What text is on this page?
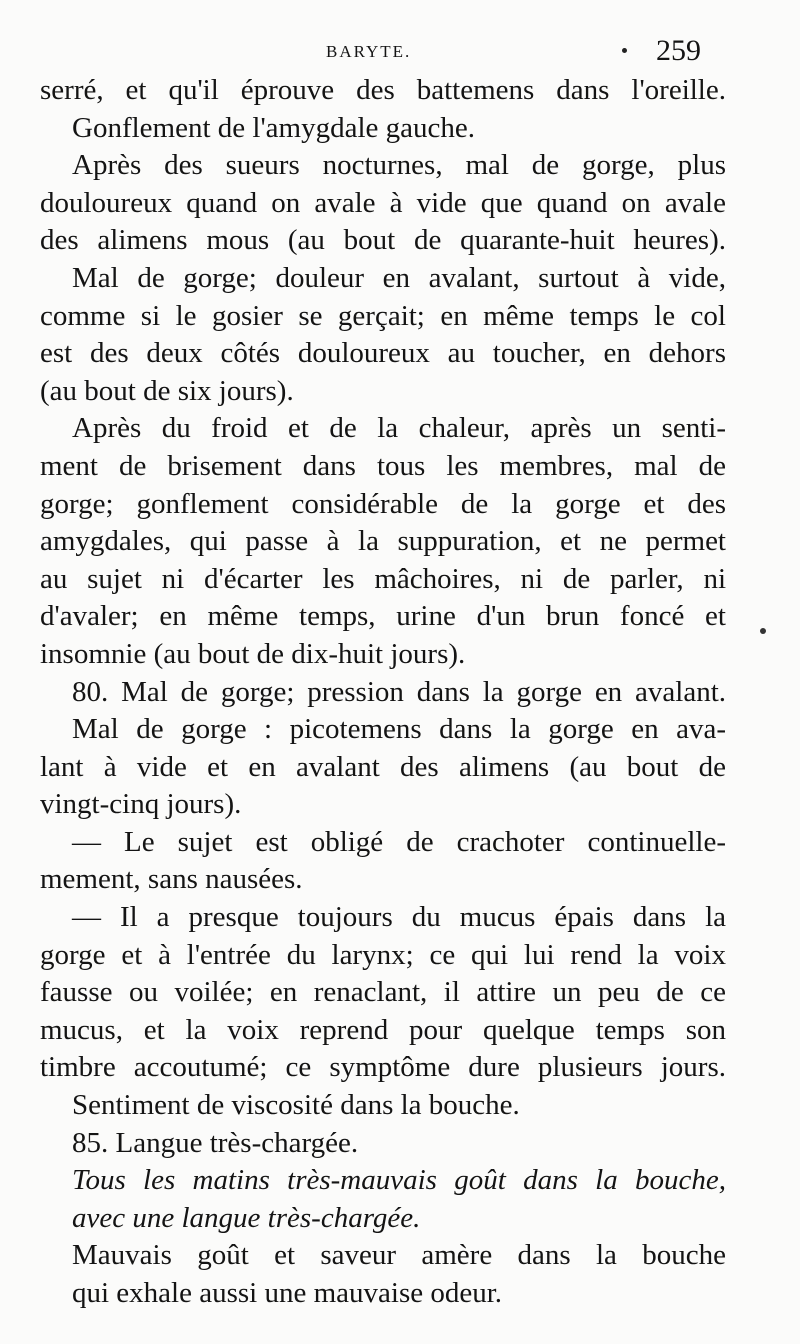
BARYTE.	259
serré, et qu'il éprouve des battemens dans l'oreille.
Gonflement de l'amygdale gauche.
Après des sueurs nocturnes, mal de gorge, plus
douloureux quand on avale à vide que quand on avale
des alimens mous (au bout de quarante-huit heures).
Mal de gorge; douleur en avalant, surtout à vide,
comme si le gosier se gerçait; en même temps le col
est des deux côtés douloureux au toucher, en dehors
(au bout de six jours).
Après du froid et de la chaleur, après un senti-
ment de brisement dans tous les membres, mal de
gorge; gonflement considérable de la gorge et des
amygdales, qui passe à la suppuration, et ne permet
au sujet ni d'écarter les mâchoires, ni de parler, ni
d'avaler; en même temps, urine d'un brun foncé et
insomnie (au bout de dix-huit jours).
80. Mal de gorge; pression dans la gorge en avalant.
Mal de gorge : picotemens dans la gorge en ava-
lant à vide et en avalant des alimens (au bout de
vingt-cinq jours).
— Le sujet est obligé de crachoter continuelle-
mement, sans nausées.
— Il a presque toujours du mucus épais dans la
gorge et à l'entrée du larynx; ce qui lui rend la voix
fausse ou voilée; en renaclant, il attire un peu de ce
mucus, et la voix reprend pour quelque temps son
timbre accoutumé; ce symptôme dure plusieurs jours.
Sentiment de viscosité dans la bouche.
85. Langue très-chargée.
Tous les matins très-mauvais goût dans la bouche,
avec une langue très-chargée.
Mauvais goût et saveur amère dans la bouche
qui exhale aussi une mauvaise odeur.
